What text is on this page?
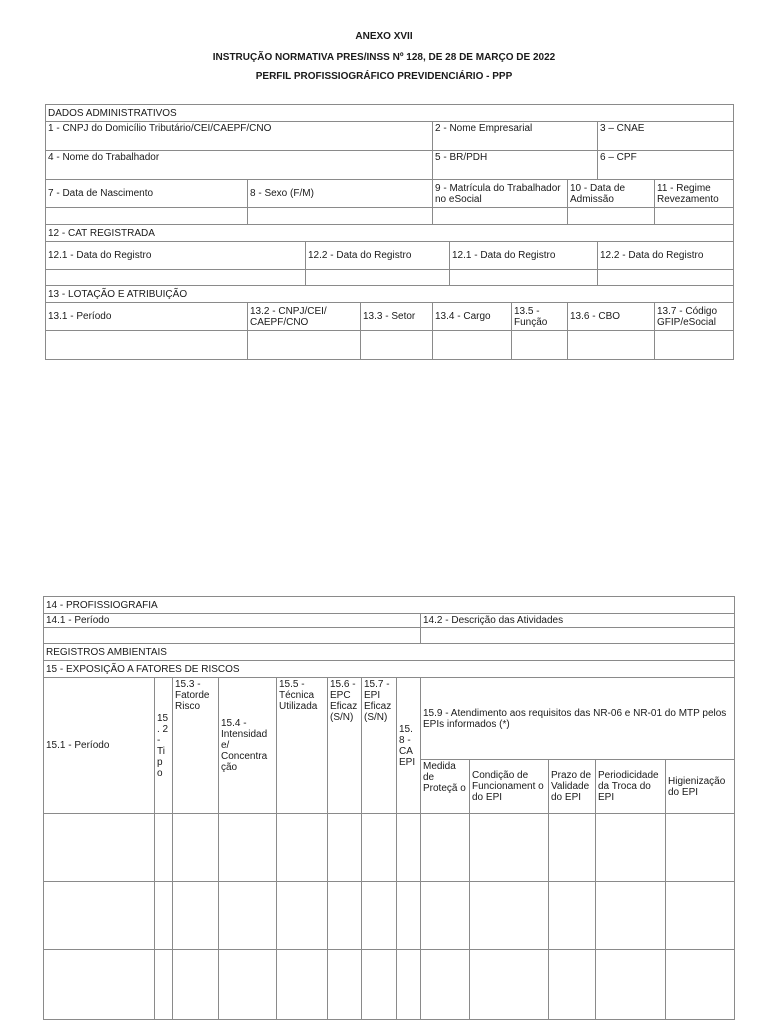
ANEXO XVII
INSTRUÇÃO NORMATIVA PRES/INSS Nº 128, DE 28 DE MARÇO DE 2022
PERFIL PROFISSIOGRÁFICO PREVIDENCIÁRIO - PPP
DADOS ADMINISTRATIVOS									
1 - CNPJ do Domicílio Tributário/CEI/CAEPF/CNO				2 - Nome Empresarial				3 – CNAE	
4 - Nome do Trabalhador				5 - BR/PDH				6 – CPF	
7 - Data de Nascimento	8 - Sexo (F/M)			9 - Matrícula do Trabalhador no eSocial			10 - Data de Admissão		11 - Regime Revezamento

12 - CAT REGISTRADA									
12.1 - Data do Registro		12.2 - Data do Registro			12.1 - Data do Registro			12.2 - Data do Registro	

13 - LOTAÇÃO E ATRIBUIÇÃO									
13.1 - Período	13.2 - CNPJ/CEI/ CAEPF/CNO		13.3 - Setor	13.4 - Cargo		13.5 - Função	13.6 - CBO		13.7 - Código GFIP/eSocial

14 - PROFISSIOGRAFIA												
14.1 - Período								14.2 - Descrição das Atividades				

REGISTROS AMBIENTAIS												
15 - EXPOSIÇÃO A FATORES DE RISCOS												
15.1 - Período	15. 2 - Tip o	15.3 - Fatorde Risco	15.4 - Intensidad e/ Concentra ção	15.5 - Técnica Utilizada	15.6 - EPC Eficaz (S/N)	15.7 - EPI Eficaz (S/N)	15.8 - CA EPI	15.9 - Atendimento aos requisitos das NR-06 e NR-01 do MTP pelos EPIs informados (*)				
								Medida de Proteçã o	Condição de Funcionament o do EPI	Prazo de Validade do EPI	Periodicidade da Troca do EPI	Higienização do EPI
